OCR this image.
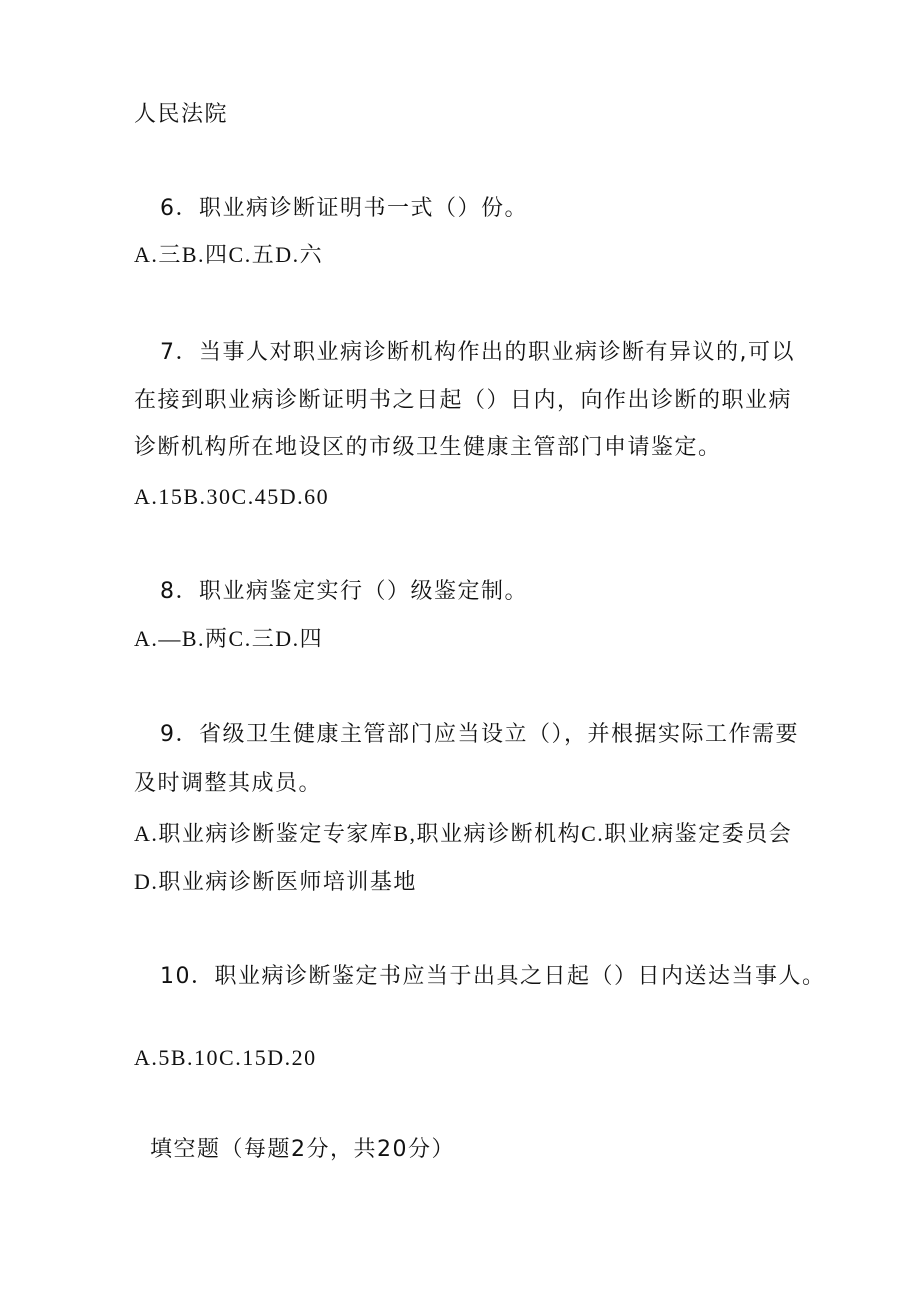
人民法院
6．职业病诊断证明书一式（）份。
A.三B.四C.五D.六
7．当事人对职业病诊断机构作出的职业病诊断有异议的,可以
在接到职业病诊断证明书之日起（）日内，向作出诊断的职业病
诊断机构所在地设区的市级卫生健康主管部门申请鉴定。
A.15B.30C.45D.60
8．职业病鉴定实行（）级鉴定制。
A.—B.两C.三D.四
9．省级卫生健康主管部门应当设立（），并根据实际工作需要
及时调整其成员。
A.职业病诊断鉴定专家库B,职业病诊断机构C.职业病鉴定委员会
D.职业病诊断医师培训基地
10．职业病诊断鉴定书应当于出具之日起（）日内送达当事人。
A.5B.10C.15D.20
填空题（每题2分，共20分）
